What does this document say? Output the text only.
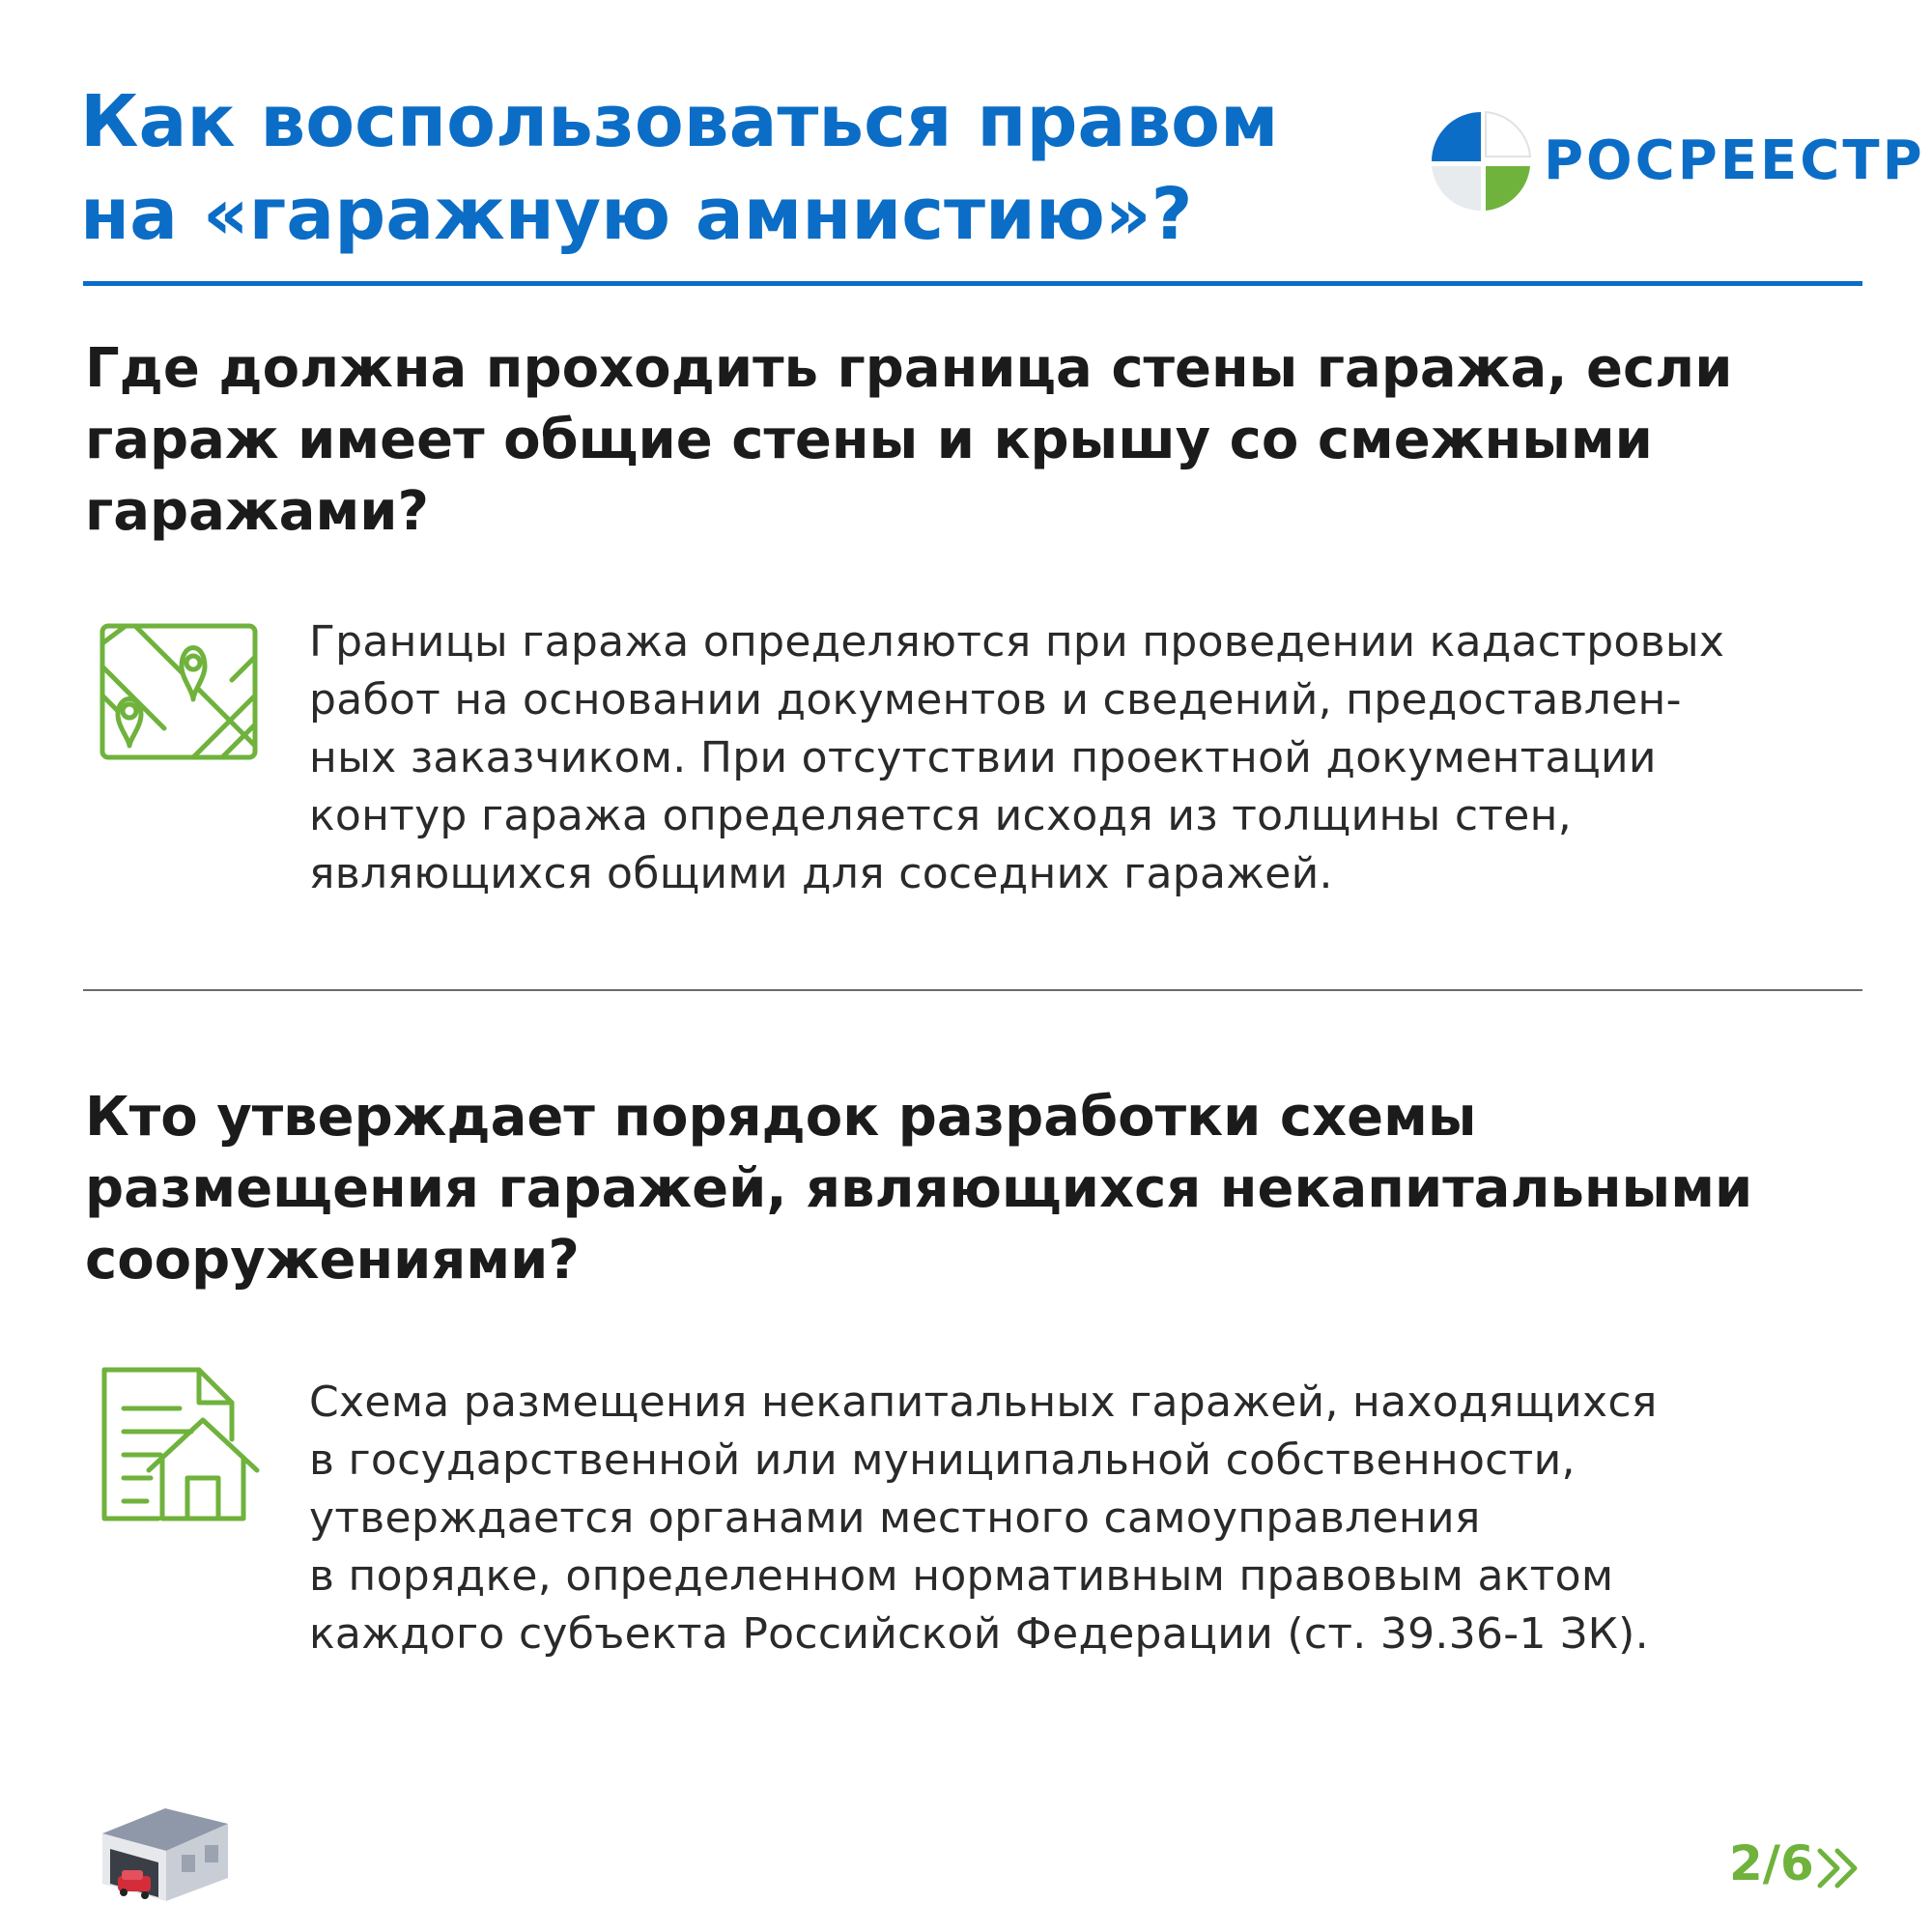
Как воспользоваться правом
на «гаражную амнистию»?
РОСРЕЕСТР
Где должна проходить граница стены гаража, если
гараж имеет общие стены и крышу со смежными
гаражами?

Границы гаража определяются при проведении кадастровых
работ на основании документов и сведений, предоставлен-
ных заказчиком. При отсутствии проектной документации
контур гаража определяется исходя из толщины стен,
являющихся общими для соседних гаражей.

Кто утверждает порядок разработки схемы
размещения гаражей, являющихся некапитальными
сооружениями?

Схема размещения некапитальных гаражей, находящихся
в государственной или муниципальной собственности,
утверждается органами местного самоуправления
в порядке, определенном нормативным правовым актом
каждого субъекта Российской Федерации (ст. 39.36-1 ЗК).

2/6
